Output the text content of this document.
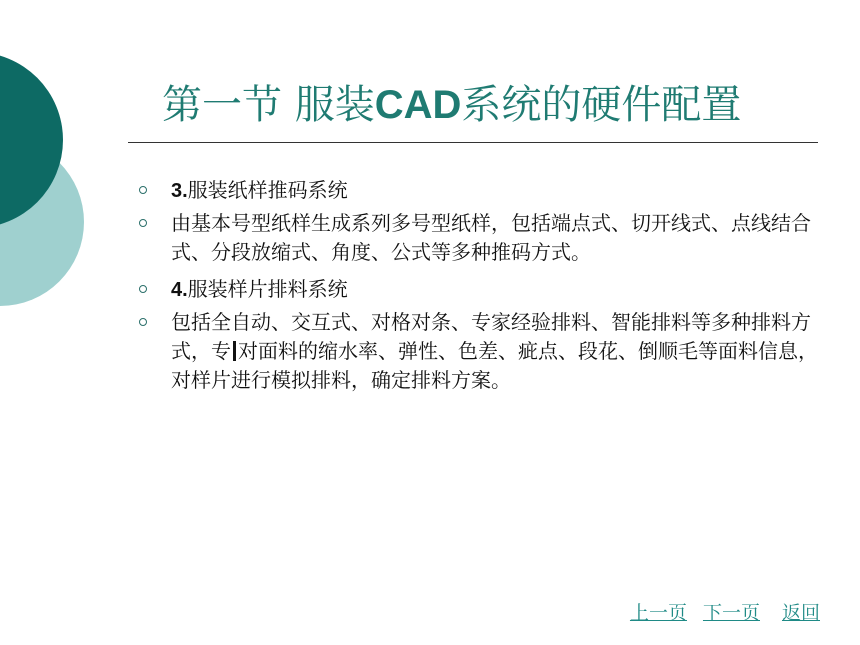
第一节 服装CAD系统的硬件配置
3.服装纸样推码系统
由基本号型纸样生成系列多号型纸样，包括端点式、切开线式、点线结合式、分段放缩式、角度、公式等多种推码方式。
4.服装样片排料系统
包括全自动、交互式、对格对条、专家经验排料、智能排料等多种排料方式，专 对面料的缩水率、弹性、色差、疵点、段花、倒顺毛等面料信息，对样片进行模拟排料，确定排料方案。
上一页 下一页 返回
